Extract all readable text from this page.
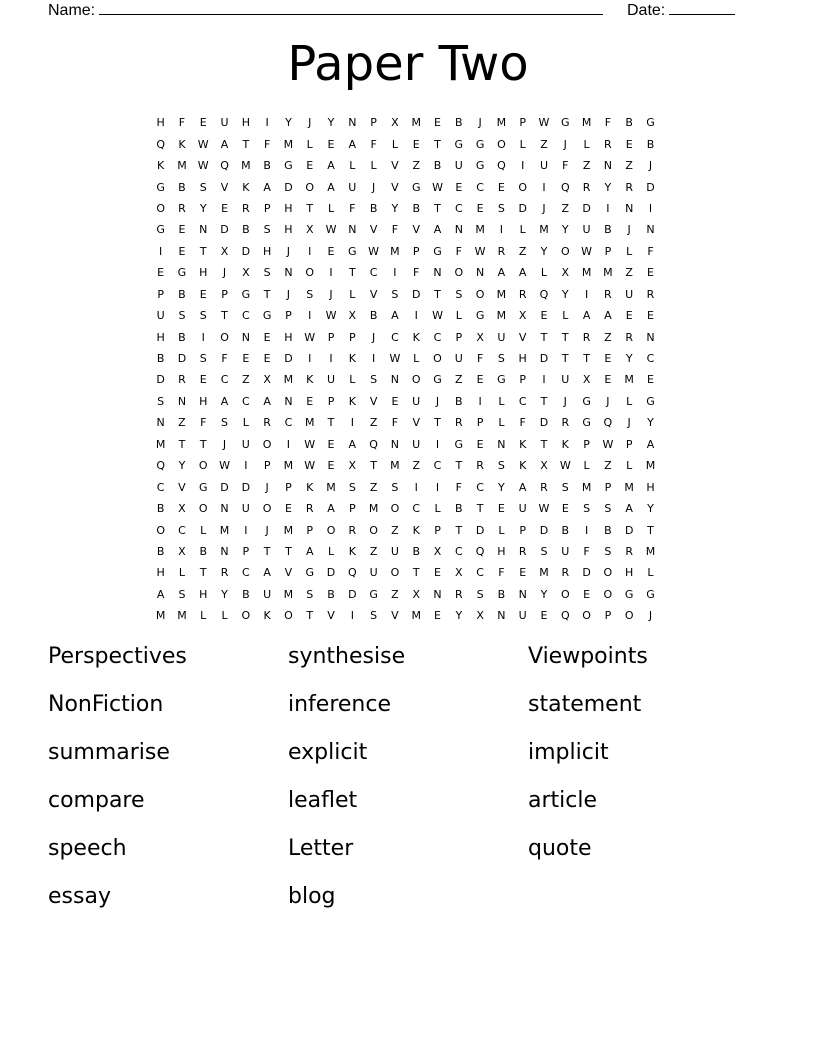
Name:	Date:
Paper Two
H	F	E	U	H	I	Y	J	Y	N	P	X	M	E	B	J	M	P	W	G	M	F	B	G
Q	K	W	A	T	F	M	L	E	A	F	L	E	T	G	G	O	L	Z	J	L	R	E	B
K	M	W	Q	M	B	G	E	A	L	L	V	Z	B	U	G	Q	I	U	F	Z	N	Z	J
G	B	S	V	K	A	D	O	A	U	J	V	G	W	E	C	E	O	I	Q	R	Y	R	D
O	R	Y	E	R	P	H	T	L	F	B	Y	B	T	C	E	S	D	J	Z	D	I	N	I
G	E	N	D	B	S	H	X	W	N	V	F	V	A	N	M	I	L	M	Y	U	B	J	N
I	E	T	X	D	H	J	I	E	G	W	M	P	G	F	W	R	Z	Y	O	W	P	L	F
E	G	H	J	X	S	N	O	I	T	C	I	F	N	O	N	A	A	L	X	M	M	Z	E
P	B	E	P	G	T	J	S	J	L	V	S	D	T	S	O	M	R	Q	Y	I	R	U	R
U	S	S	T	C	G	P	I	W	X	B	A	I	W	L	G	M	X	E	L	A	A	E	E
H	B	I	O	N	E	H	W	P	P	J	C	K	C	P	X	U	V	T	T	R	Z	R	N
B	D	S	F	E	E	D	I	I	K	I	W	L	O	U	F	S	H	D	T	T	E	Y	C
D	R	E	C	Z	X	M	K	U	L	S	N	O	G	Z	E	G	P	I	U	X	E	M	E
S	N	H	A	C	A	N	E	P	K	V	E	U	J	B	I	L	C	T	J	G	J	L	G
N	Z	F	S	L	R	C	M	T	I	Z	F	V	T	R	P	L	F	D	R	G	Q	J	Y
M	T	T	J	U	O	I	W	E	A	Q	N	U	I	G	E	N	K	T	K	P	W	P	A
Q	Y	O	W	I	P	M	W	E	X	T	M	Z	C	T	R	S	K	X	W	L	Z	L	M
C	V	G	D	D	J	P	K	M	S	Z	S	I	I	F	C	Y	A	R	S	M	P	M	H
B	X	O	N	U	O	E	R	A	P	M	O	C	L	B	T	E	U	W	E	S	S	A	Y
O	C	L	M	I	J	M	P	O	R	O	Z	K	P	T	D	L	P	D	B	I	B	D	T
B	X	B	N	P	T	T	A	L	K	Z	U	B	X	C	Q	H	R	S	U	F	S	R	M
H	L	T	R	C	A	V	G	D	Q	U	O	T	E	X	C	F	E	M	R	D	O	H	L
A	S	H	Y	B	U	M	S	B	D	G	Z	X	N	R	S	B	N	Y	O	E	O	G	G
M	M	L	L	O	K	O	T	V	I	S	V	M	E	Y	X	N	U	E	Q	O	P	O	J
Perspectives	synthesise	Viewpoints
NonFiction	inference	statement
summarise	explicit	implicit
compare	leaflet	article
speech	Letter	quote
essay	blog
